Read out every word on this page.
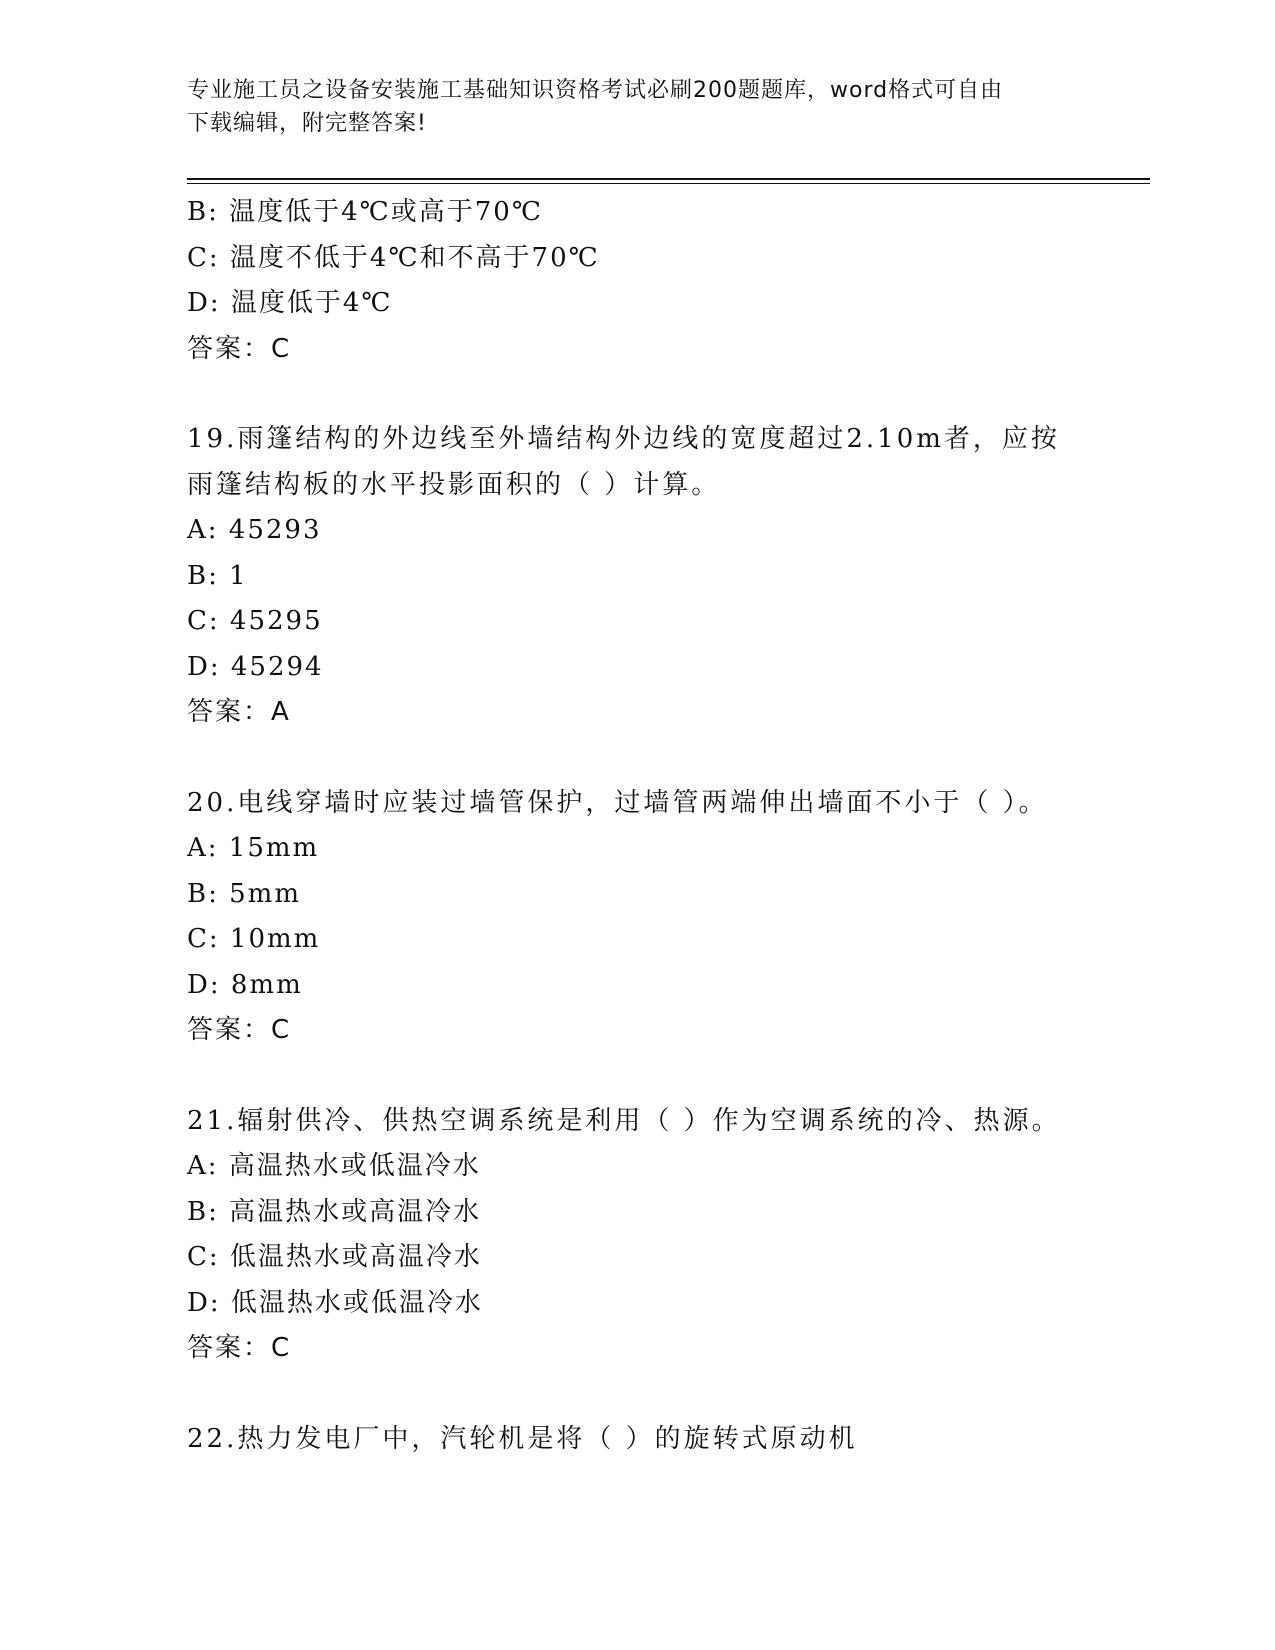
专业施工员之设备安装施工基础知识资格考试必刷200题题库，word格式可自由
下载编辑，附完整答案!
B: 温度低于4℃或高于70℃
C: 温度不低于4℃和不高于70℃
D: 温度低于4℃
答案：C
19.雨篷结构的外边线至外墙结构外边线的宽度超过2.10m者，应按雨篷结构板的水平投影面积的（ ）计算。
A: 45293
B: 1
C: 45295
D: 45294
答案：A
20.电线穿墙时应装过墙管保护，过墙管两端伸出墙面不小于（ ）。
A: 15mm
B: 5mm
C: 10mm
D: 8mm
答案：C
21.辐射供冷、供热空调系统是利用（ ）作为空调系统的冷、热源。
A: 高温热水或低温冷水
B: 高温热水或高温冷水
C: 低温热水或高温冷水
D: 低温热水或低温冷水
答案：C
22.热力发电厂中，汽轮机是将（ ）的旋转式原动机
